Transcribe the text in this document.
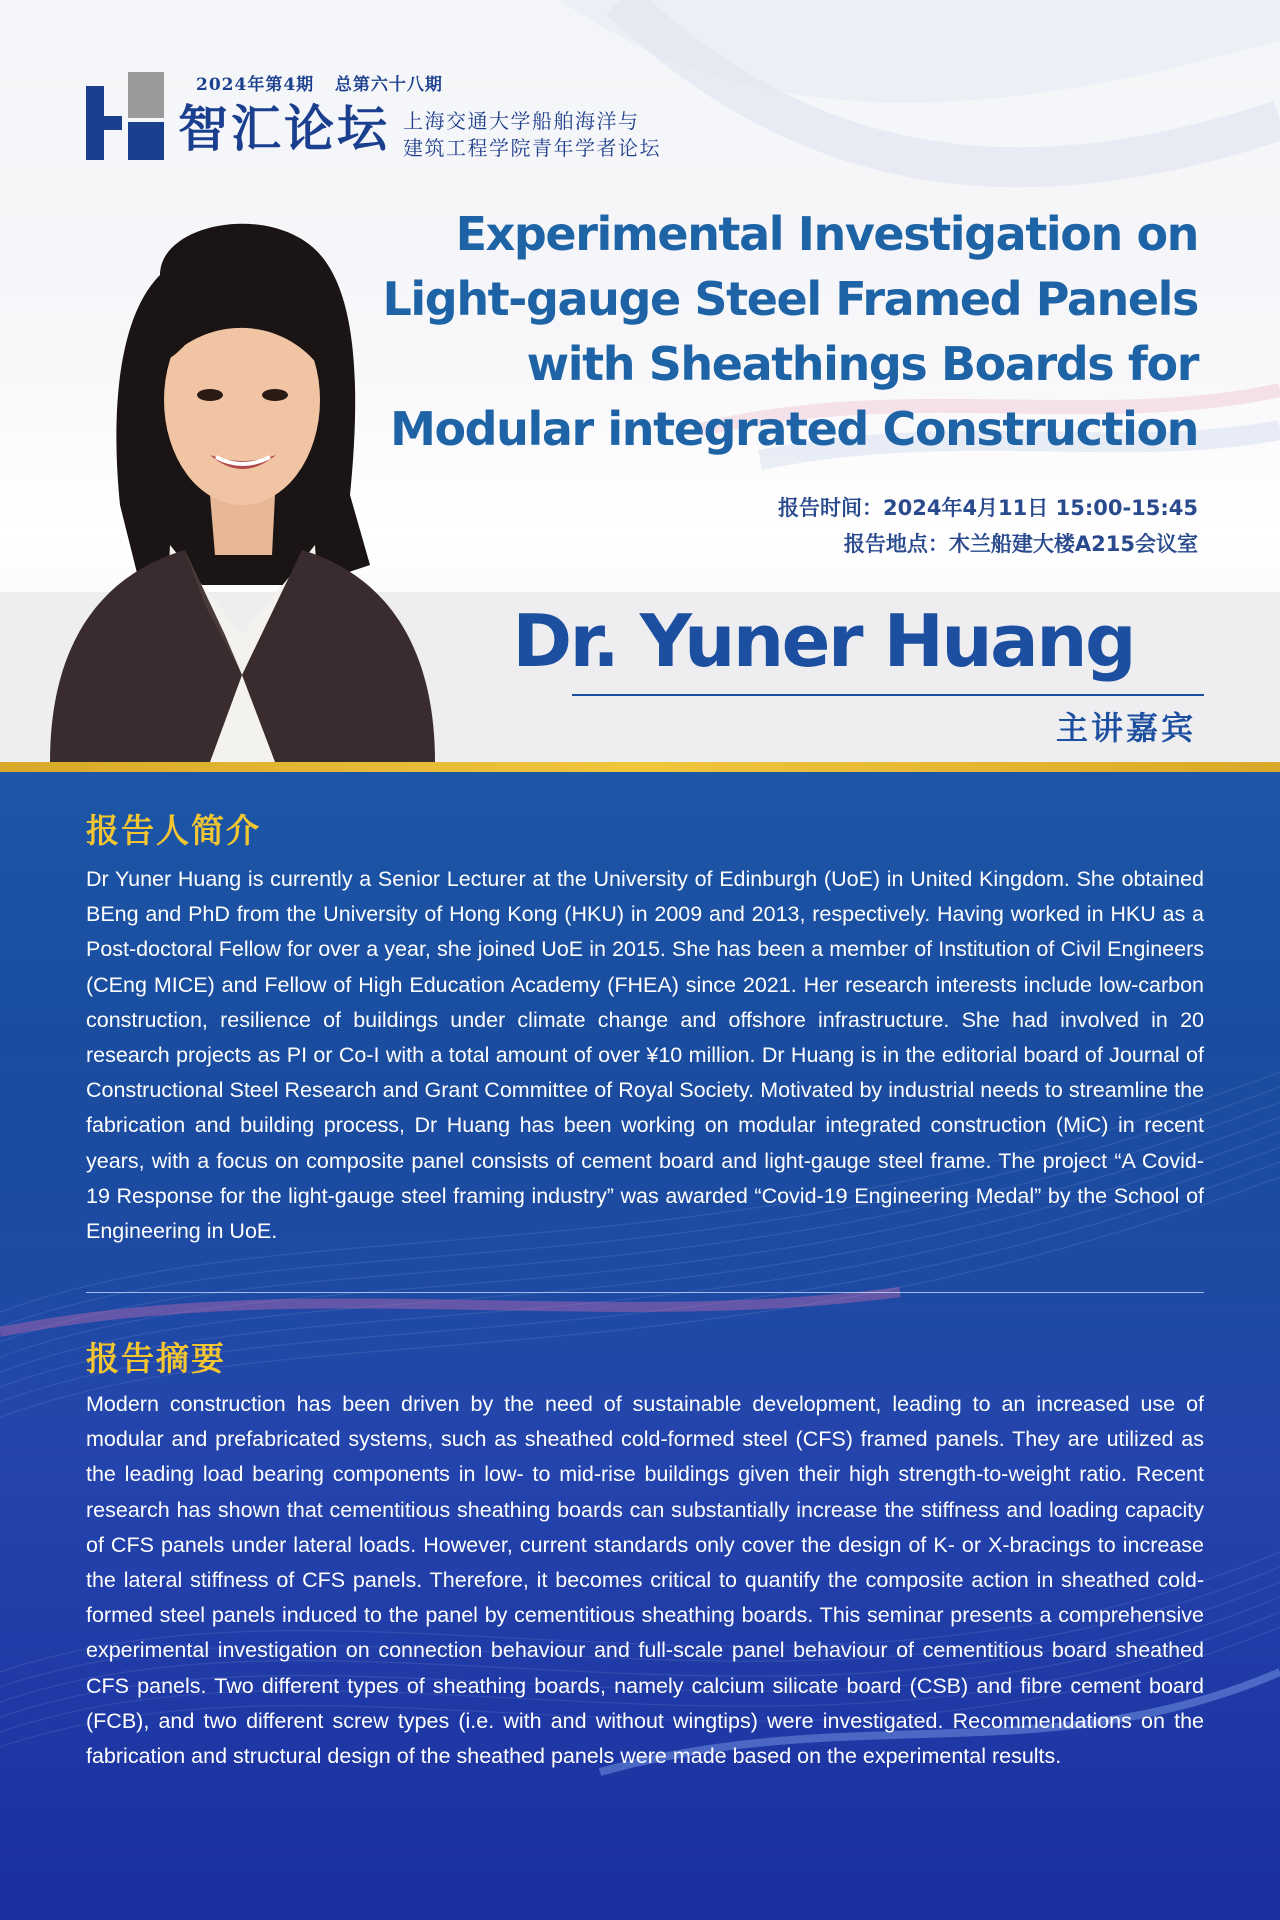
2024年第4期   总第六十八期
智汇论坛 上海交通大学船舶海洋与
建筑工程学院青年学者论坛
Experimental Investigation on
Light-gauge Steel Framed Panels
with Sheathings Boards for
Modular integrated Construction
报告时间：2024年4月11日 15:00-15:45
报告地点：木兰船建大楼A215会议室
Dr. Yuner Huang
主讲嘉宾
报告人简介

Dr Yuner Huang is currently a Senior Lecturer at the University of Edinburgh (UoE) in United Kingdom. She obtained BEng and PhD from the University of Hong Kong (HKU) in 2009 and 2013, respectively. Having worked in HKU as a Post-doctoral Fellow for over a year, she joined UoE in 2015. She has been a member of Institution of Civil Engineers (CEng MICE) and Fellow of High Education Academy (FHEA) since 2021. Her research interests include low-carbon construction, resilience of buildings under climate change and offshore infrastructure. She had involved in 20 research projects as PI or Co-I with a total amount of over ¥10 million. Dr Huang is in the editorial board of Journal of Constructional Steel Research and Grant Committee of Royal Society. Motivated by industrial needs to streamline the fabrication and building process, Dr Huang has been working on modular integrated construction (MiC) in recent years, with a focus on composite panel consists of cement board and light-gauge steel frame. The project “A Covid-19 Response for the light-gauge steel framing industry” was awarded “Covid-19 Engineering Medal” by the School of Engineering in UoE.

报告摘要

Modern construction has been driven by the need of sustainable development, leading to an increased use of modular and prefabricated systems, such as sheathed cold-formed steel (CFS) framed panels. They are utilized as the leading load bearing components in low- to mid-rise buildings given their high strength-to-weight ratio. Recent research has shown that cementitious sheathing boards can substantially increase the stiffness and loading capacity of CFS panels under lateral loads. However, current standards only cover the design of K- or X-bracings to increase the lateral stiffness of CFS panels. Therefore, it becomes critical to quantify the composite action in sheathed cold-formed steel panels induced to the panel by cementitious sheathing boards. This seminar presents a comprehensive experimental investigation on connection behaviour and full-scale panel behaviour of cementitious board sheathed CFS panels. Two different types of sheathing boards, namely calcium silicate board (CSB) and fibre cement board (FCB), and two different screw types (i.e. with and without wingtips) were investigated. Recommendations on the fabrication and structural design of the sheathed panels were made based on the experimental results.
